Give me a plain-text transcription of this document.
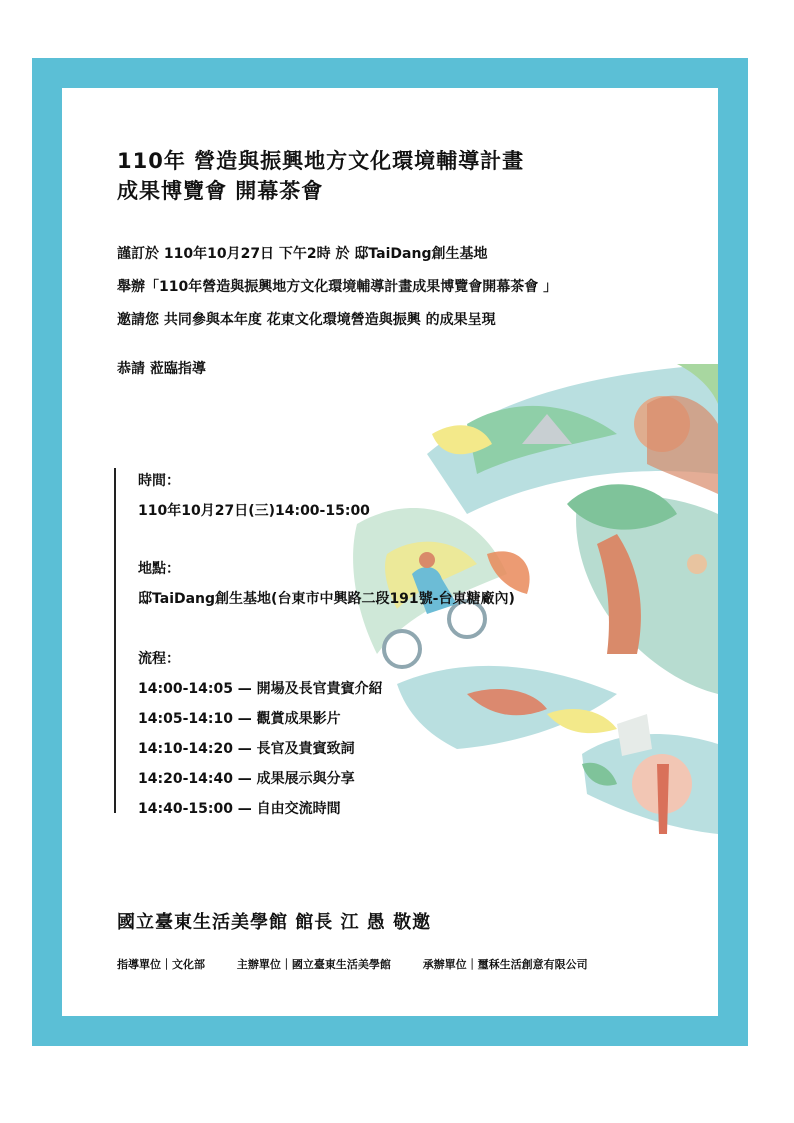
110年 營造與振興地方文化環境輔導計畫
成果博覽會 開幕茶會
謹訂於 110年10月27日 下午2時 於 邸TaiDang創生基地
舉辦「110年營造與振興地方文化環境輔導計畫成果博覽會開幕茶會 」
邀請您 共同參與本年度 花東文化環境營造與振興 的成果呈現
恭請 蒞臨指導
時間：
110年10月27日(三)14:00-15:00
地點：
邸TaiDang創生基地(台東市中興路二段191號-台東糖廠內)
流程：
14:00-14:05 — 開場及長官貴賓介紹
14:05-14:10 — 觀賞成果影片
14:10-14:20 — 長官及貴賓致詞
14:20-14:40 — 成果展示與分享
14:40-15:00 — 自由交流時間
國立臺東生活美學館 館長 江 愚 敬邀
指導單位｜文化部	主辦單位｜國立臺東生活美學館	承辦單位｜璽秝生活創意有限公司
